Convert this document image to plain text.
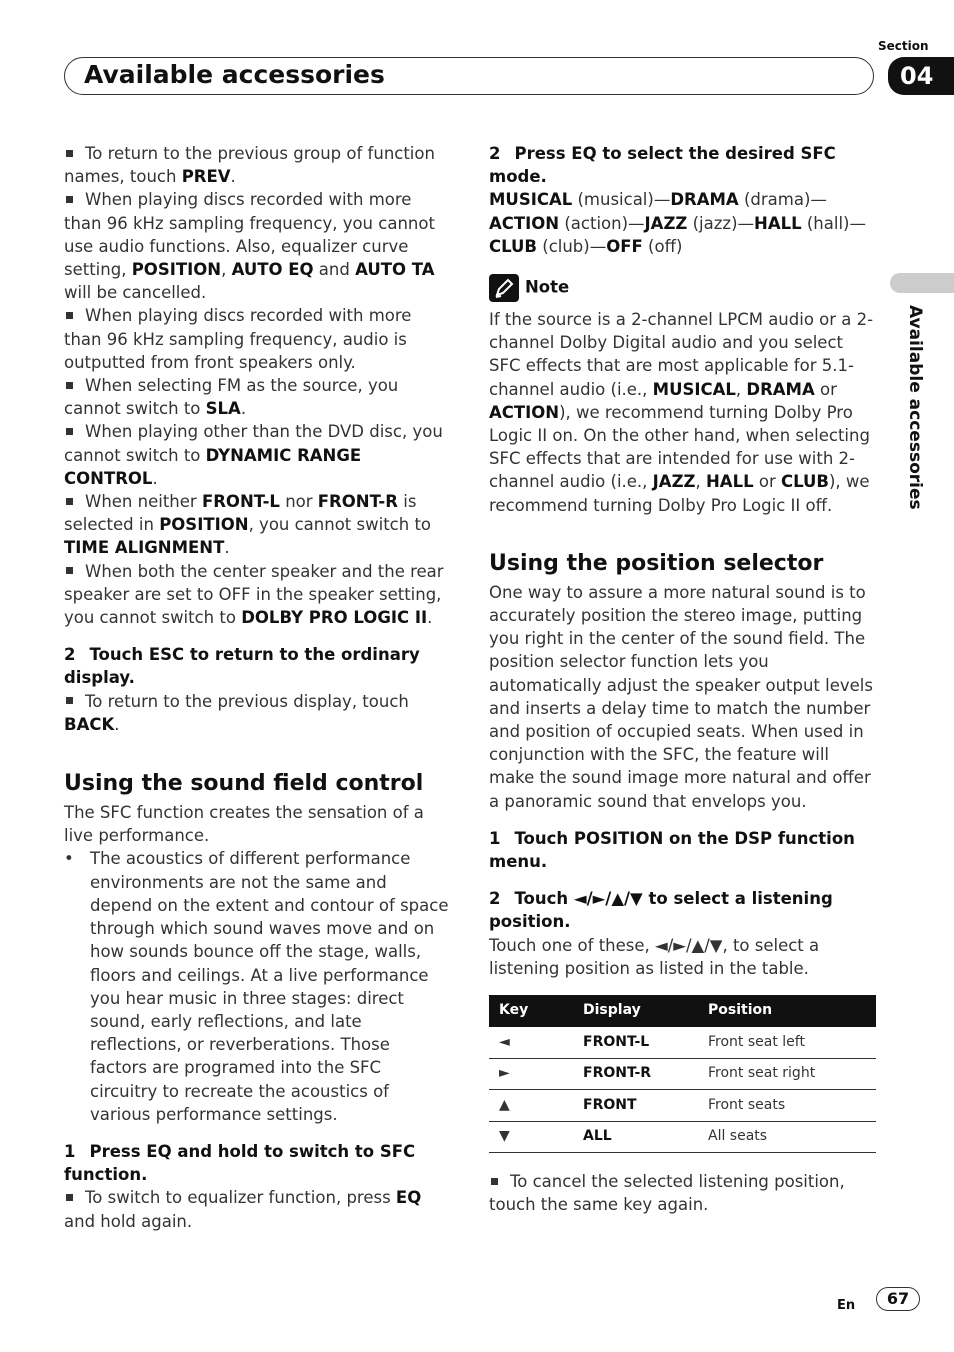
Available accessories
Section
04
Available accessories

To return to the previous group of function names, touch PREV.

When playing discs recorded with more than 96 kHz sampling frequency, you cannot use audio functions. Also, equalizer curve setting, POSITION, AUTO EQ and AUTO TA will be cancelled.

When playing discs recorded with more than 96 kHz sampling frequency, audio is outputted from front speakers only.

When selecting FM as the source, you cannot switch to SLA.

When playing other than the DVD disc, you cannot switch to DYNAMIC RANGE CONTROL.

When neither FRONT-L nor FRONT-R is selected in POSITION, you cannot switch to TIME ALIGNMENT.

When both the center speaker and the rear speaker are set to OFF in the speaker setting, you cannot switch to DOLBY PRO LOGIC II.

2 Touch ESC to return to the ordinary display.

To return to the previous display, touch BACK.

Using the sound field control

The SFC function creates the sensation of a live performance.

• The acoustics of different performance environments are not the same and depend on the extent and contour of space through which sound waves move and on how sounds bounce off the stage, walls, floors and ceilings. At a live performance you hear music in three stages: direct sound, early reflections, and late reflections, or reverberations. Those factors are programed into the SFC circuitry to recreate the acoustics of various performance settings.

1 Press EQ and hold to switch to SFC function.

To switch to equalizer function, press EQ and hold again.

2 Press EQ to select the desired SFC mode.

MUSICAL (musical)—DRAMA (drama)—ACTION (action)—JAZZ (jazz)—HALL (hall)—CLUB (club)—OFF (off)

Note

If the source is a 2-channel LPCM audio or a 2-channel Dolby Digital audio and you select SFC effects that are most applicable for 5.1-channel audio (i.e., MUSICAL, DRAMA or ACTION), we recommend turning Dolby Pro Logic II on. On the other hand, when selecting SFC effects that are intended for use with 2-channel audio (i.e., JAZZ, HALL or CLUB), we recommend turning Dolby Pro Logic II off.

Using the position selector

One way to assure a more natural sound is to accurately position the stereo image, putting you right in the center of the sound field. The position selector function lets you automatically adjust the speaker output levels and inserts a delay time to match the number and position of occupied seats. When used in conjunction with the SFC, the feature will make the sound image more natural and offer a panoramic sound that envelops you.

1 Touch POSITION on the DSP function menu.

2 Touch ◄/►/▲/▼ to select a listening position.

Touch one of these, ◄/►/▲/▼, to select a listening position as listed in the table.

Key	Display	Position
◄	FRONT-L	Front seat left
►	FRONT-R	Front seat right
▲	FRONT	Front seats
▼	ALL	All seats

To cancel the selected listening position, touch the same key again.

En	67
